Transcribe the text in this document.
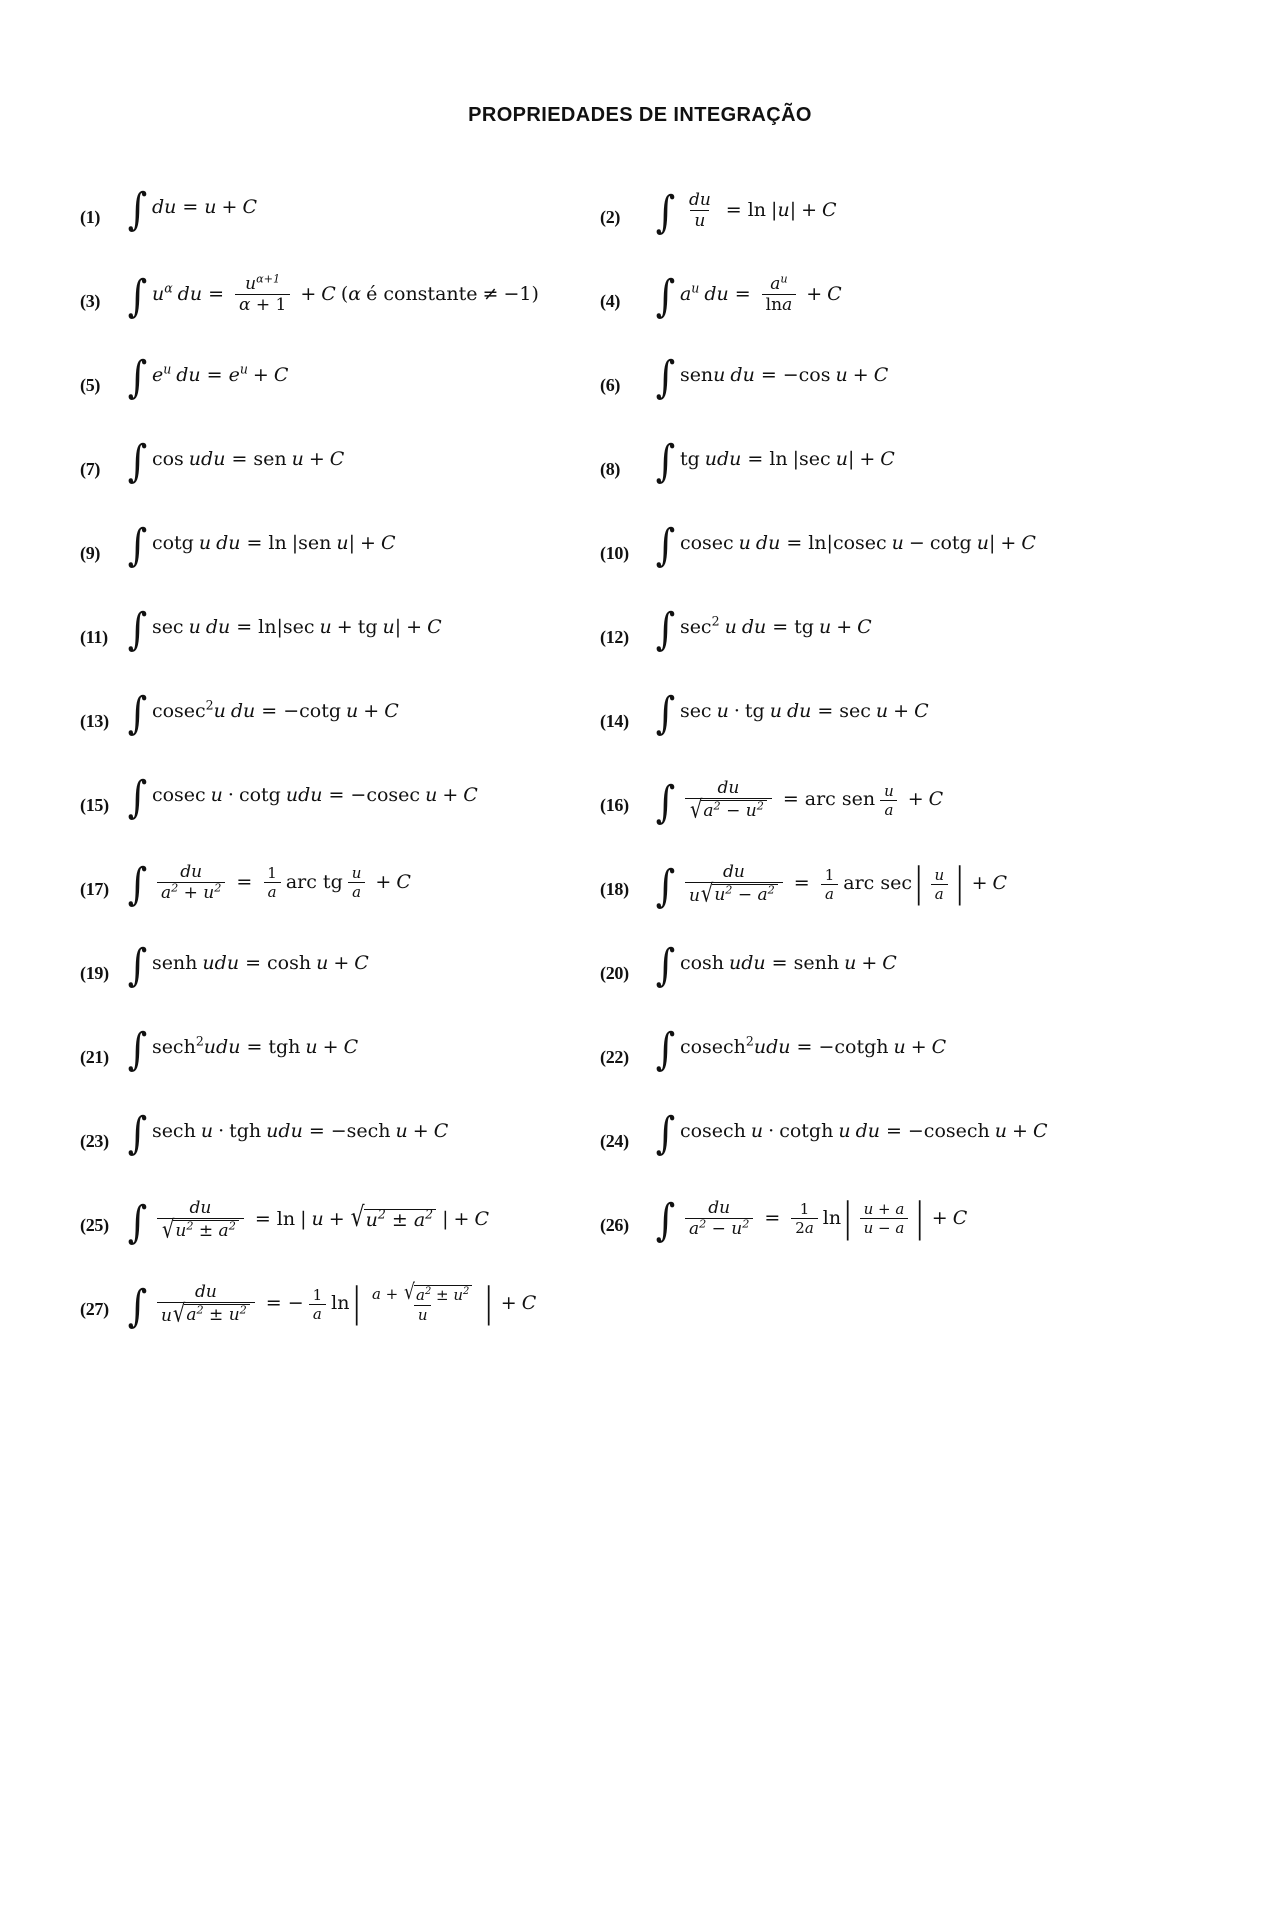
PROPRIEDADES DE INTEGRAÇÃO
(1) ∫ du = u + C	(2) ∫ $\frac{du}{u} = \ln$ | u | + C
(3) ∫ $u^\alpha$ du = $\frac{u^{\alpha+1}}{\alpha + 1} + C$ ( α é constante ≠ −1)	(4) ∫ $a^u$ du = $\frac{a^u}{\ln a} + C$
(5) ∫ $e^u$ du = $e^u + C$	(6) ∫ sen u du = −cos u + C
(7) ∫ cos u du = sen u + C	(8) ∫ tg u du = ln |sec u | + C
(9) ∫ cotg u du = ln |sen u | + C	(10) ∫ cosec u du = ln|cosec u − cotg u | + C
(11) ∫ sec u du = ln|sec u + tg u | + C	(12) ∫ $\sec^2 u$ du = tg u + C
(13) ∫ cosec$^2$ u du = −cotg u + C	(14) ∫ sec u · tg u du = sec u + C
(15) ∫ cosec u · cotg u du = −cosec u + C	(16) ∫ $\frac{du}{√ a^2 - u^2}$ = arc sen $\frac{u}{a} + C$
(17) ∫ $\frac{du}{a^2 + u^2} = \frac{1}{a}$ arc tg $\frac{u}{a} + C$	(18) ∫ $\frac{du}{u √ u^2 - a^2} = \frac{1}{a}$ arc sec | $\frac{u}{a}$ | + C
(19) ∫ senh u du = cosh u + C	(20) ∫ cosh u du = senh u + C
(21) ∫ sech$^2$ u du = tgh u + C	(22) ∫ cosech$^2$ u du = −cotgh u + C
(23) ∫ sech u · tgh u du = −sech u + C	(24) ∫ cosech u · cotgh u du = −cosech u + C
(25) ∫ $\frac{du}{√ u^2 \pm a^2} = \ln$ | u + √ $u^2 \pm a^2$ | + C	(26) ∫ $\frac{du}{a^2 - u^2} = \frac{1}{2a}$ ln | $\frac{u + a}{u - a}$ | + C
(27) ∫ $\frac{du}{u √ a^2 \pm u^2}$ = − $\frac{1}{a}$ ln | $\frac{a + √ a^2 \pm u^2}{u}$ | + C
